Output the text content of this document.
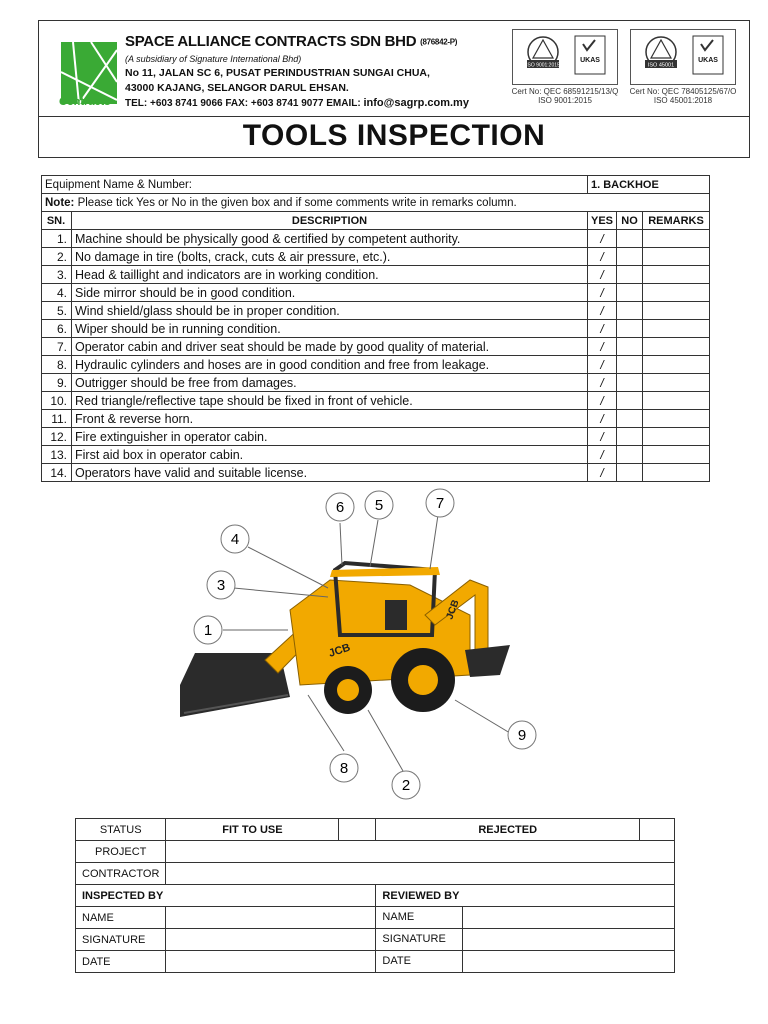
Contracts
SPACE ALLIANCE CONTRACTS SDN BHD (876842-P)
(A subsidiary of Signature International Bhd)
No 11, JALAN SC 6, PUSAT PERINDUSTRIAN SUNGAI CHUA,
43000 KAJANG, SELANGOR DARUL EHSAN.
TEL: +603 8741 9066 FAX: +603 8741 9077 EMAIL: info@sagrp.com.my
ISO 9001:2015
UKAS
ISO 45001
UKAS
Cert No: QEC 68591215/13/Q
ISO 9001:2015
Cert No: QEC 78405125/67/O
ISO 45001:2018
TOOLS INSPECTION
Equipment Name & Number:		1. BACKHOE		
Note: Please tick Yes or No in the given box and if some comments write in remarks column.				
SN.	DESCRIPTION	YES	NO	REMARKS
1.	Machine should be physically good & certified by competent authority.	/		
2.	No damage in tire (bolts, crack, cuts & air pressure, etc.).	/		
3.	Head & taillight and indicators are in working condition.	/		
4.	Side mirror should be in good condition.	/		
5.	Wind shield/glass should be in proper condition.	/		
6.	Wiper should be in running condition.	/		
7.	Operator cabin and driver seat should be made by good quality of material.	/		
8.	Hydraulic cylinders and hoses are in good condition and free from leakage.	/		
9.	Outrigger should be free from damages.	/		
10.	Red triangle/reflective tape should be fixed in front of vehicle.	/		
11.	Front & reverse horn.	/		
12.	Fire extinguisher in operator cabin.	/		
13.	First aid box in operator cabin.	/		
14.	Operators have valid and suitable license.	/		
JCB
JCB
1
2
3
4
5
6	7
8
9
STATUS	FIT TO USE		REJECTED	
PROJECT				
CONTRACTOR				
INSPECTED BY			REVIEWED BY	
NAME			NAME	

SIGNATURE			SIGNATURE	

DATE			DATE	
